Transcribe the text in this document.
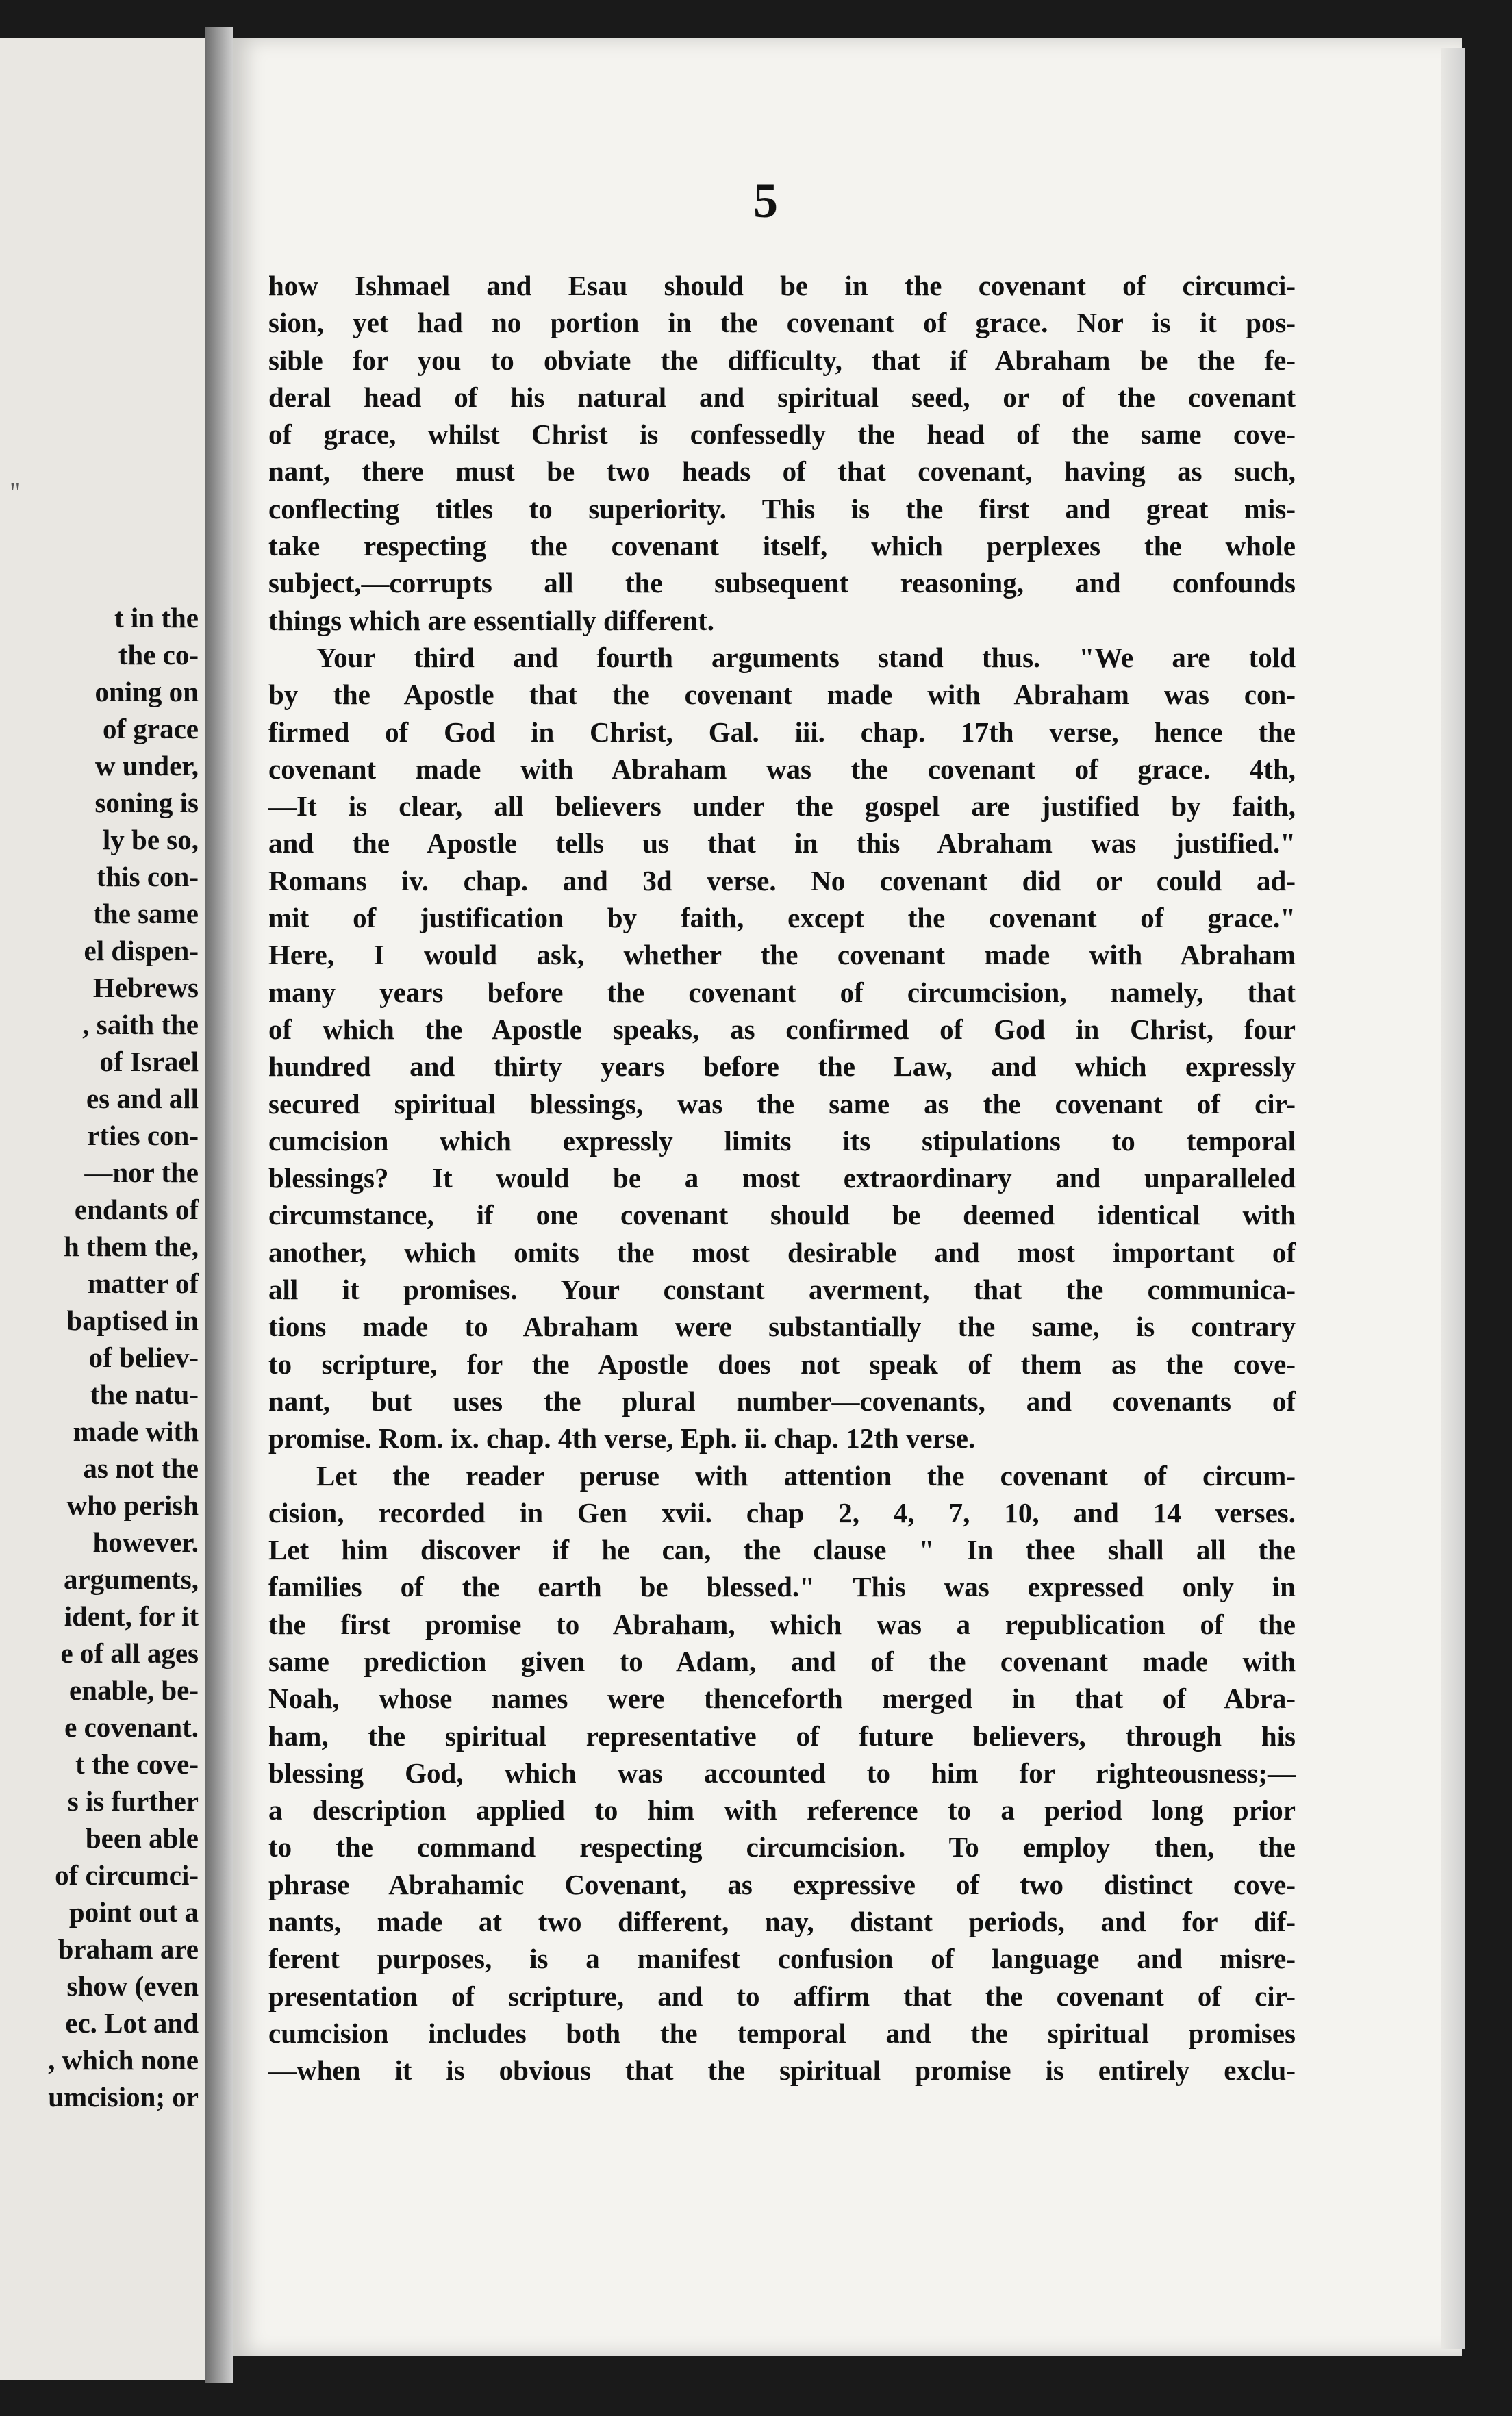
"
t in the
the co-
oning on
of grace
w under,
soning is
ly be so,
this con-
the same
el dispen-
Hebrews
, saith the
of Israel
es and all
rties con-
—nor the
endants of
h them the,
matter of
baptised in
of believ-
the natu-
made with
as not the
who perish
however.
arguments,
ident, for it
e of all ages
enable, be-
e covenant.
t the cove-
s is further
been able
of circumci-
point out a
braham are
show (even
ec. Lot and
, which none
umcision; or
5
how Ishmael and Esau should be in the covenant of circumci-
sion, yet had no portion in the covenant of grace. Nor is it pos-
sible for you to obviate the difficulty, that if Abraham be the fe-
deral head of his natural and spiritual seed, or of the covenant
of grace, whilst Christ is confessedly the head of the same cove-
nant, there must be two heads of that covenant, having as such,
conflecting titles to superiority. This is the first and great mis-
take respecting the covenant itself, which perplexes the whole
subject,—corrupts all the subsequent reasoning, and confounds
things which are essentially different.
Your third and fourth arguments stand thus. "We are told
by the Apostle that the covenant made with Abraham was con-
firmed of God in Christ, Gal. iii. chap. 17th verse, hence the
covenant made with Abraham was the covenant of grace. 4th,
—It is clear, all believers under the gospel are justified by faith,
and the Apostle tells us that in this Abraham was justified."
Romans iv. chap. and 3d verse. No covenant did or could ad-
mit of justification by faith, except the covenant of grace."
Here, I would ask, whether the covenant made with Abraham
many years before the covenant of circumcision, namely, that
of which the Apostle speaks, as confirmed of God in Christ, four
hundred and thirty years before the Law, and which expressly
secured spiritual blessings, was the same as the covenant of cir-
cumcision which expressly limits its stipulations to temporal
blessings? It would be a most extraordinary and unparalleled
circumstance, if one covenant should be deemed identical with
another, which omits the most desirable and most important of
all it promises. Your constant averment, that the communica-
tions made to Abraham were substantially the same, is contrary
to scripture, for the Apostle does not speak of them as the cove-
nant, but uses the plural number—covenants, and covenants of
promise. Rom. ix. chap. 4th verse, Eph. ii. chap. 12th verse.
Let the reader peruse with attention the covenant of circum-
cision, recorded in Gen xvii. chap 2, 4, 7, 10, and 14 verses.
Let him discover if he can, the clause " In thee shall all the
families of the earth be blessed." This was expressed only in
the first promise to Abraham, which was a republication of the
same prediction given to Adam, and of the covenant made with
Noah, whose names were thenceforth merged in that of Abra-
ham, the spiritual representative of future believers, through his
blessing God, which was accounted to him for righteousness;—
a description applied to him with reference to a period long prior
to the command respecting circumcision. To employ then, the
phrase Abrahamic Covenant, as expressive of two distinct cove-
nants, made at two different, nay, distant periods, and for dif-
ferent purposes, is a manifest confusion of language and misre-
presentation of scripture, and to affirm that the covenant of cir-
cumcision includes both the temporal and the spiritual promises
—when it is obvious that the spiritual promise is entirely exclu-
